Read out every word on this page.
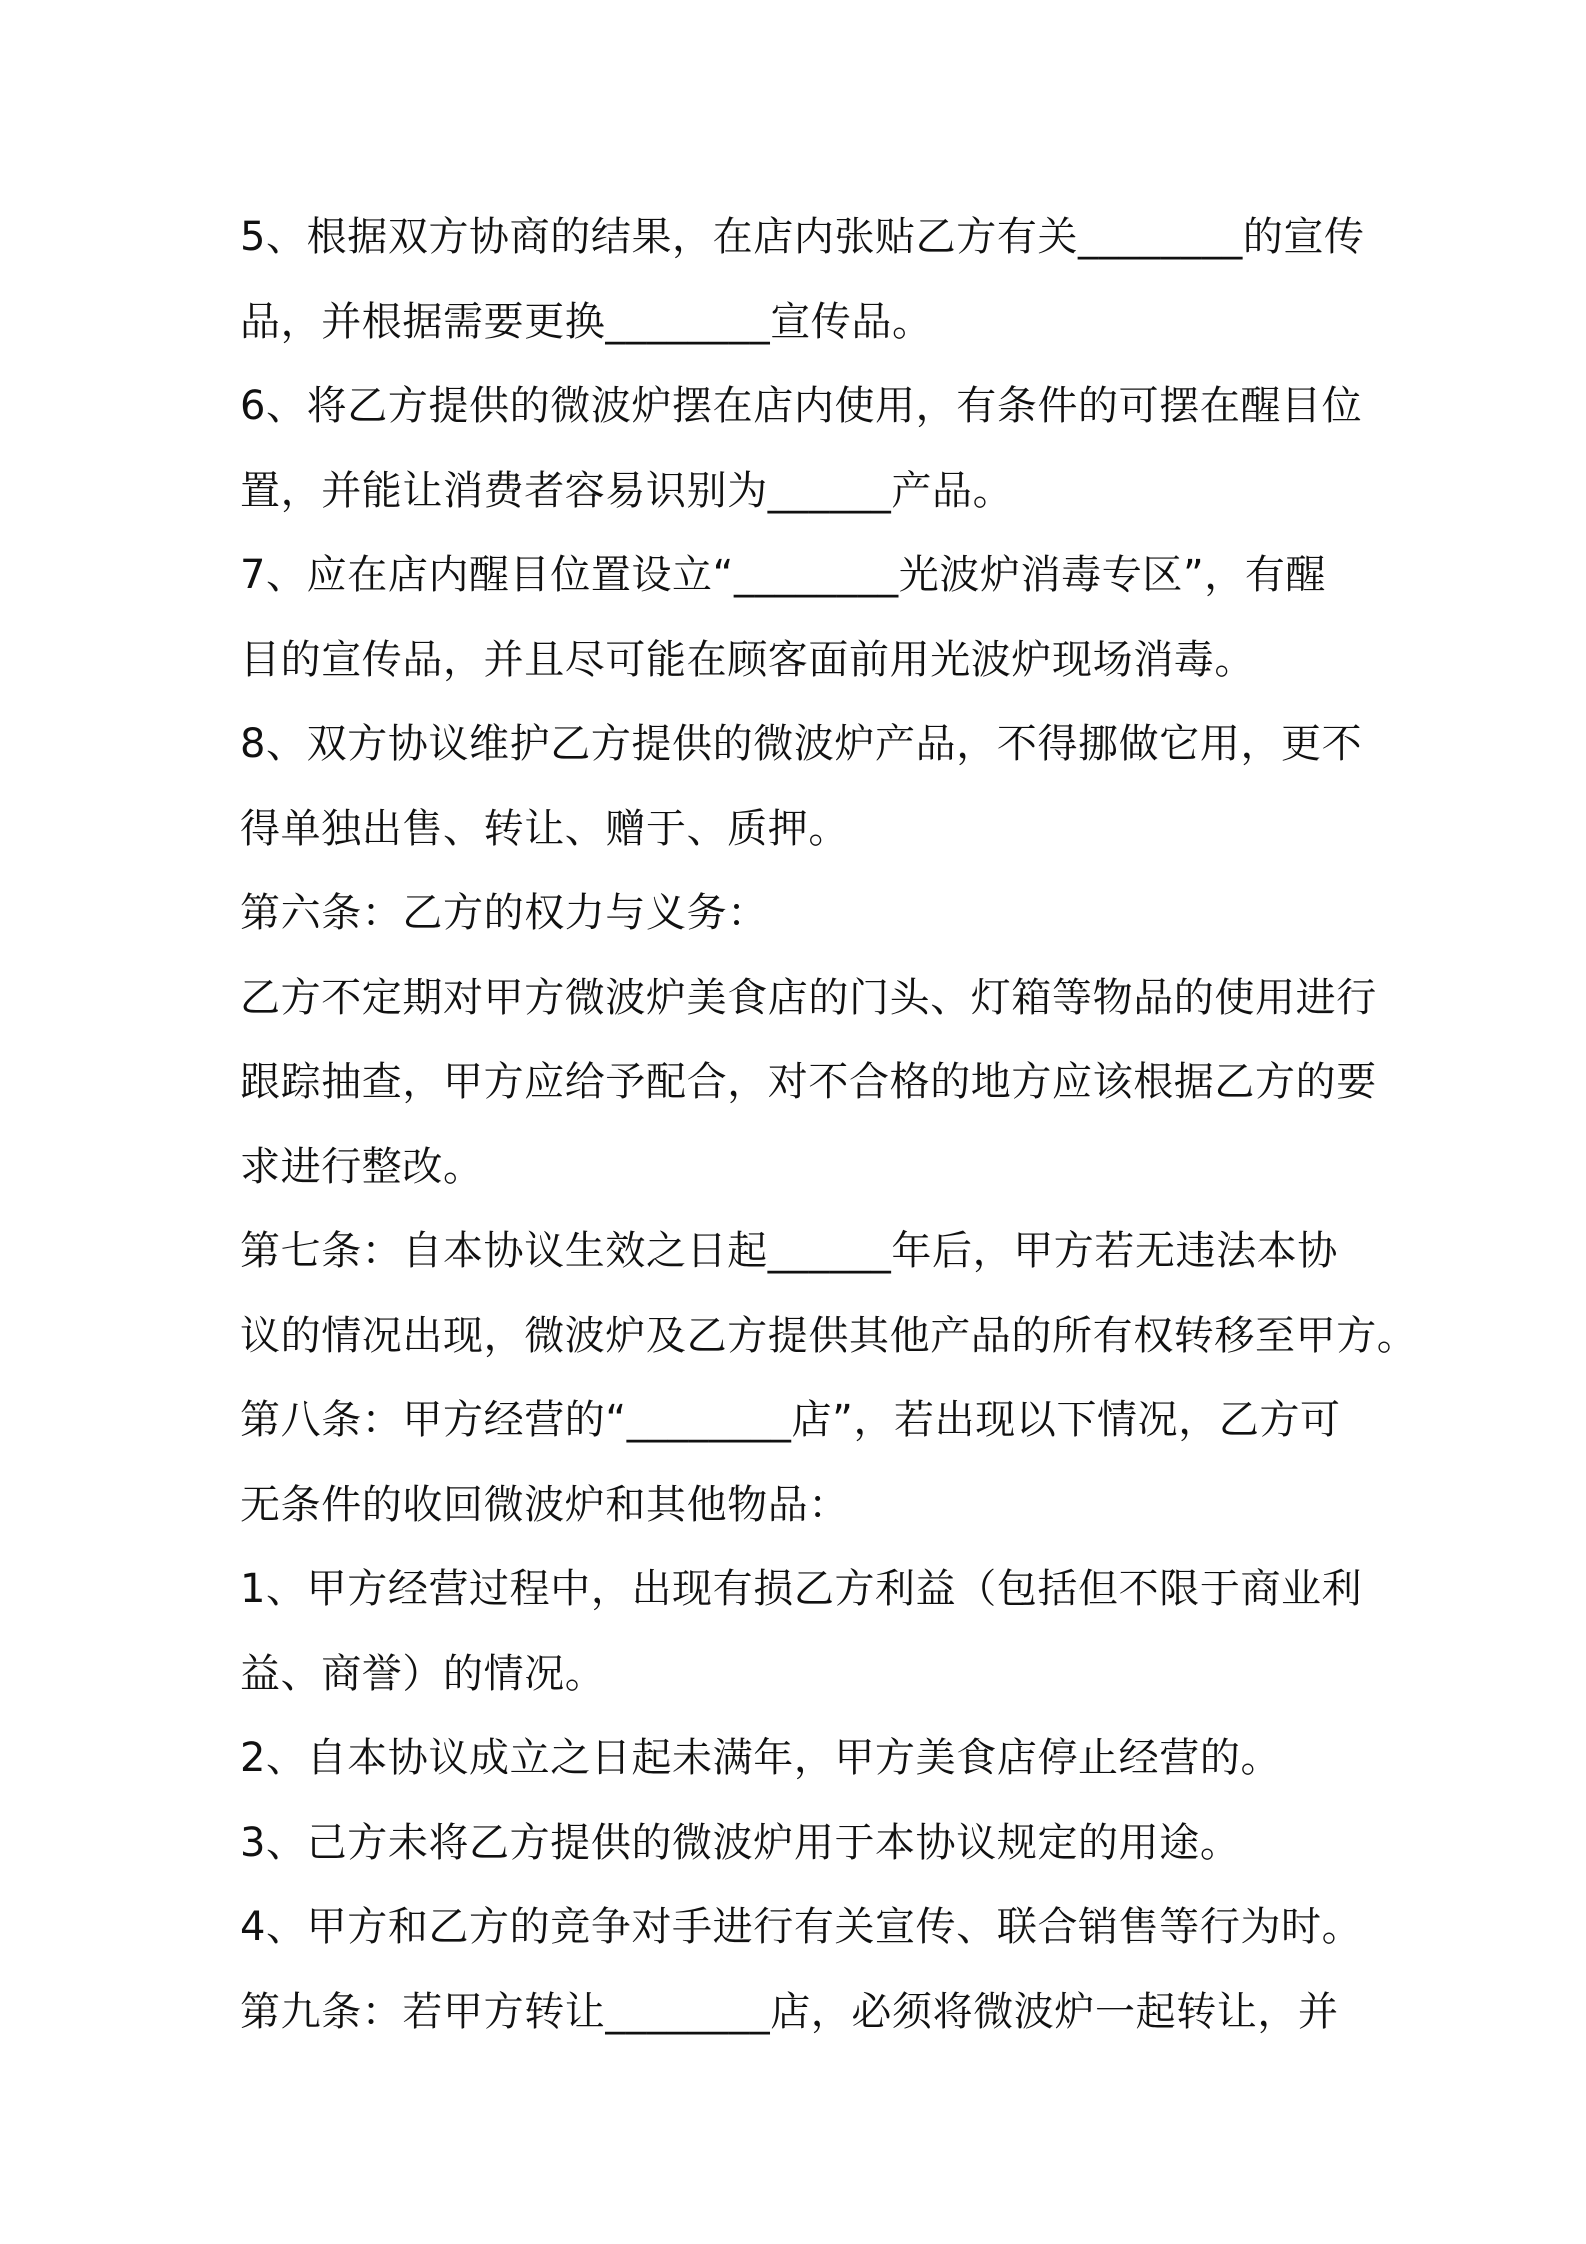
5、根据双方协商的结果，在店内张贴乙方有关________的宣传
品，并根据需要更换________宣传品。
6、将乙方提供的微波炉摆在店内使用，有条件的可摆在醒目位
置，并能让消费者容易识别为______产品。
7、应在店内醒目位置设立“________光波炉消毒专区”，有醒
目的宣传品，并且尽可能在顾客面前用光波炉现场消毒。
8、双方协议维护乙方提供的微波炉产品，不得挪做它用，更不
得单独出售、转让、赠于、质押。
第六条：乙方的权力与义务：
乙方不定期对甲方微波炉美食店的门头、灯箱等物品的使用进行
跟踪抽查，甲方应给予配合，对不合格的地方应该根据乙方的要
求进行整改。
第七条：自本协议生效之日起______年后，甲方若无违法本协
议的情况出现，微波炉及乙方提供其他产品的所有权转移至甲方。
第八条：甲方经营的“________店”，若出现以下情况，乙方可
无条件的收回微波炉和其他物品：
1、甲方经营过程中，出现有损乙方利益（包括但不限于商业利
益、商誉）的情况。
2、自本协议成立之日起未满年，甲方美食店停止经营的。
3、己方未将乙方提供的微波炉用于本协议规定的用途。
4、甲方和乙方的竞争对手进行有关宣传、联合销售等行为时。
第九条：若甲方转让________店，必须将微波炉一起转让，并
